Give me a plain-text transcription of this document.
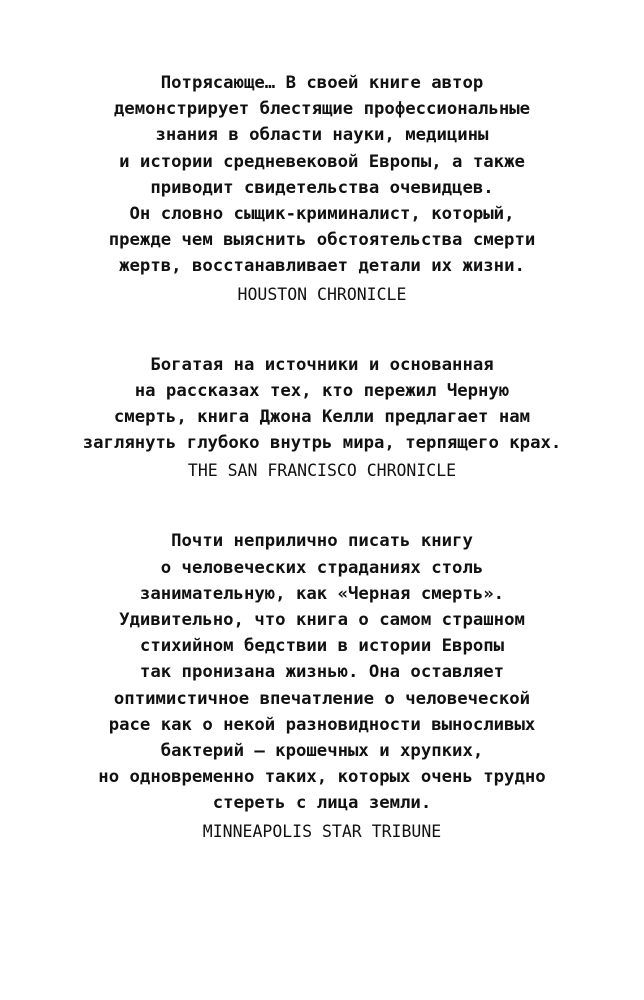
Потрясающе… В своей книге автор
демонстрирует блестящие профессиональные
знания в области науки, медицины
и истории средневековой Европы, а также
приводит свидетельства очевидцев.
Он словно сыщик-криминалист, который,
прежде чем выяснить обстоятельства смерти
жертв, восстанавливает детали их жизни.

HOUSTON CHRONICLE

Богатая на источники и основанная
на рассказах тех, кто пережил Черную
смерть, книга Джона Келли предлагает нам
заглянуть глубоко внутрь мира, терпящего крах.

THE SAN FRANCISCO CHRONICLE

Почти неприлично писать книгу
о человеческих страданиях столь
занимательную, как «Черная смерть».
Удивительно, что книга о самом страшном
стихийном бедствии в истории Европы
так пронизана жизнью. Она оставляет
оптимистичное впечатление о человеческой
расе как о некой разновидности выносливых
бактерий — крошечных и хрупких,
но одновременно таких, которых очень трудно
стереть с лица земли.

MINNEAPOLIS STAR TRIBUNE
